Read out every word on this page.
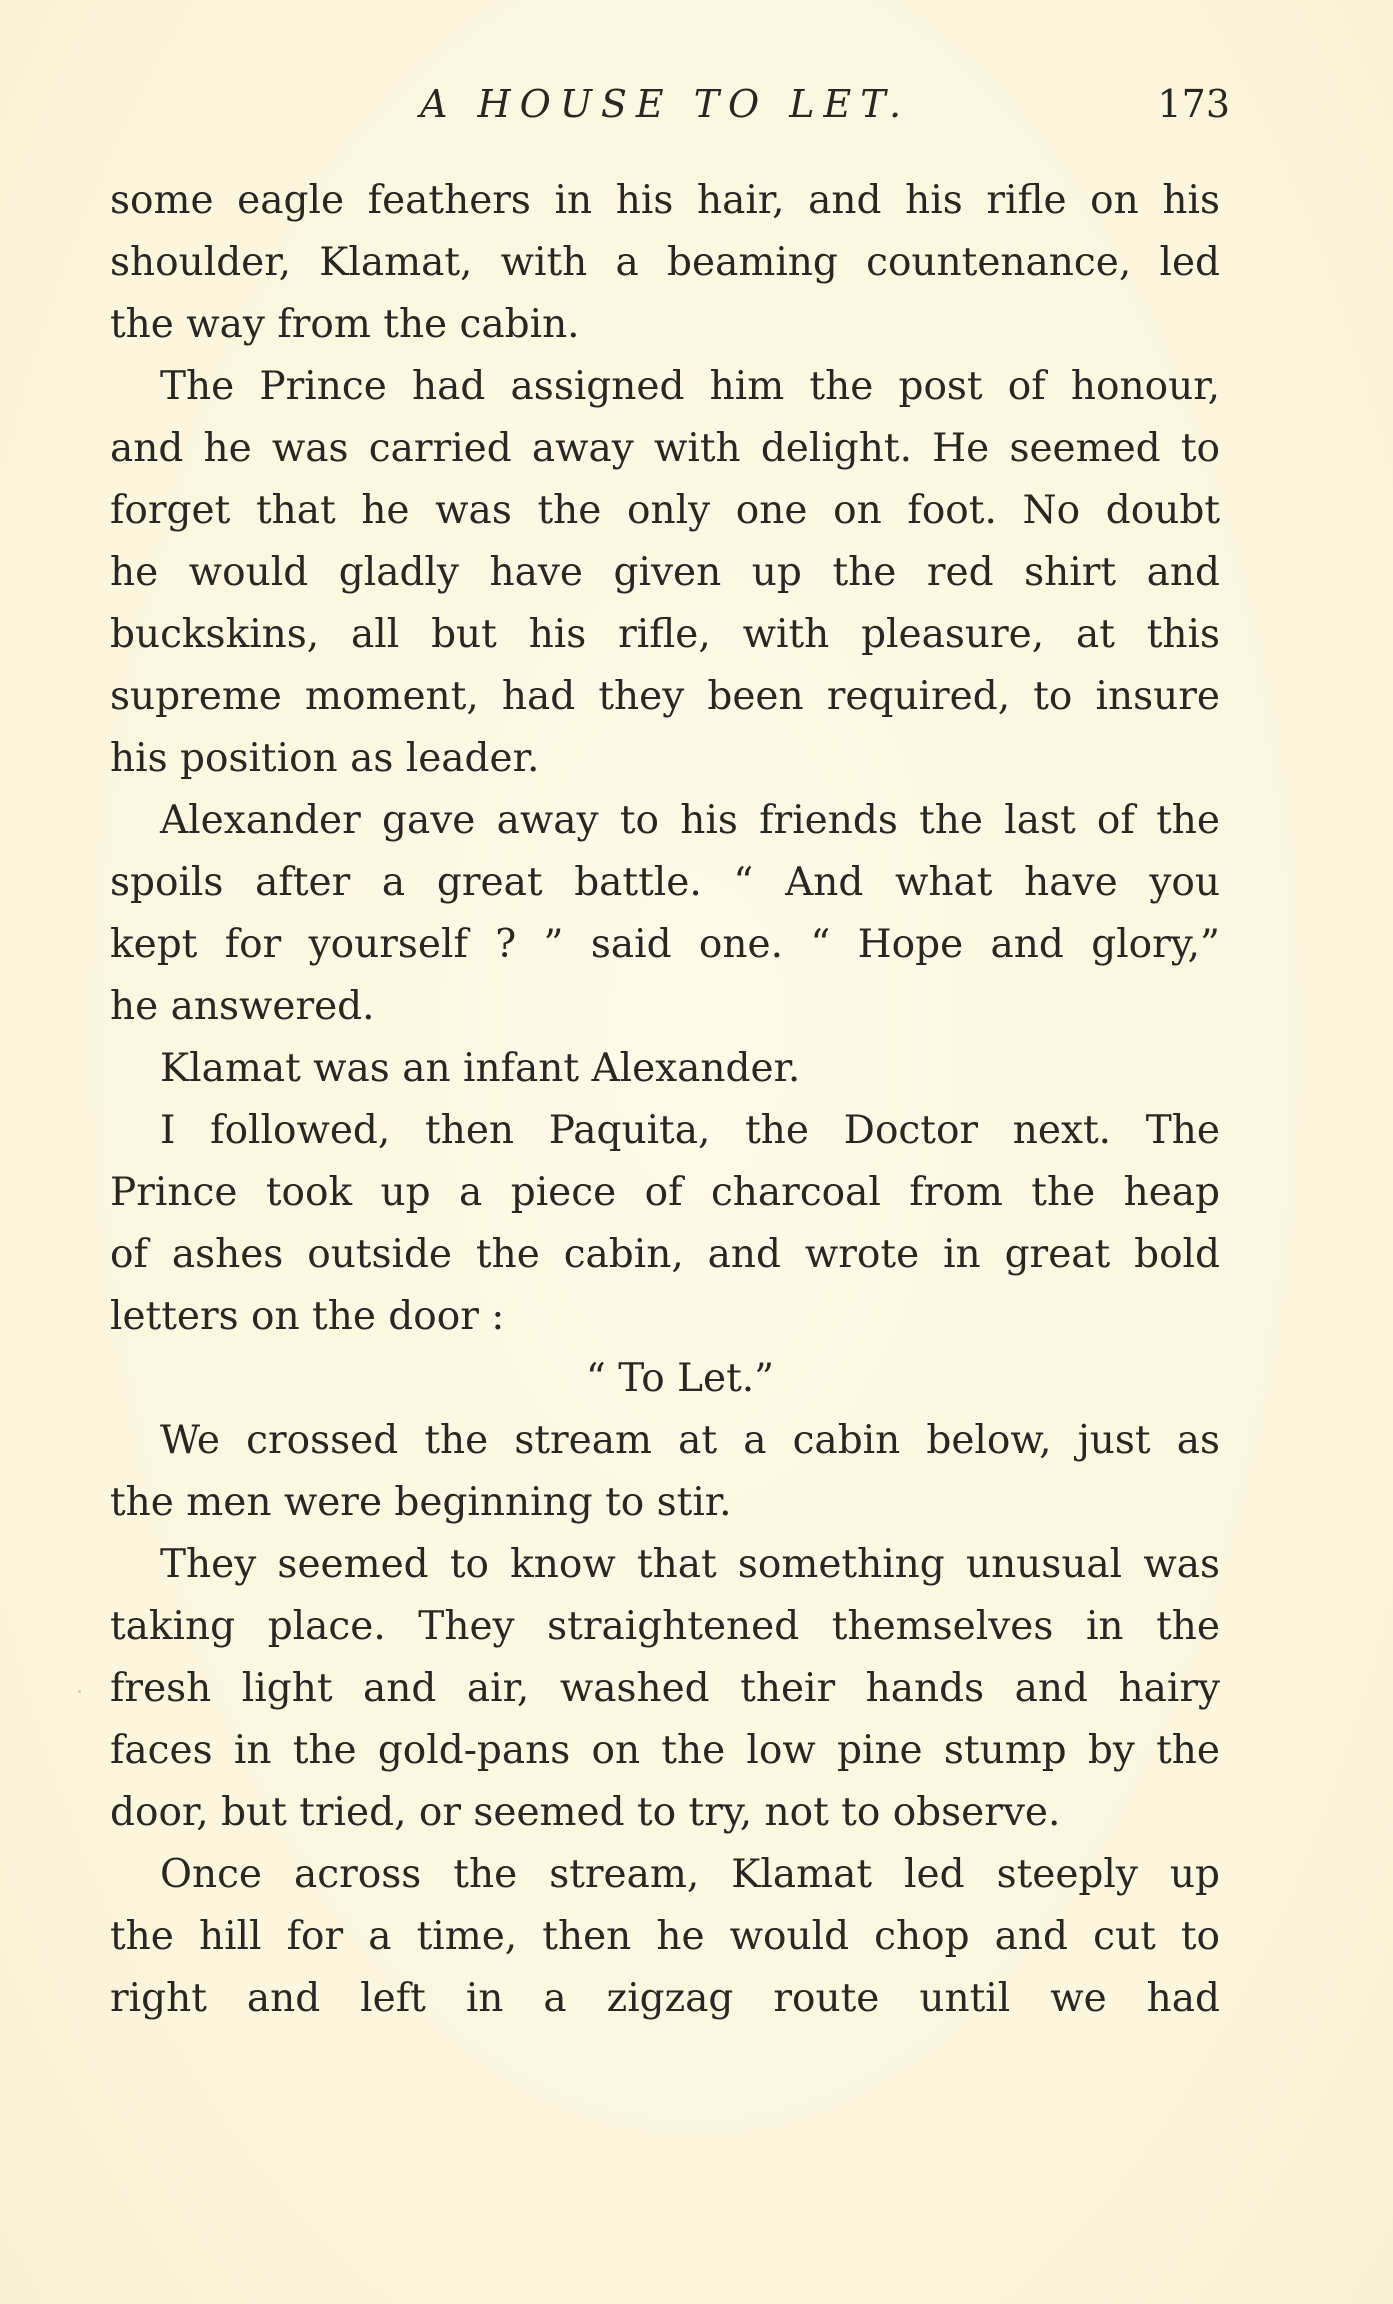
A HOUSE TO LET.	173
some eagle feathers in his hair, and his rifle on his
shoulder, Klamat, with a beaming countenance, led
the way from the cabin.
The Prince had assigned him the post of honour,
and he was carried away with delight. He seemed to
forget that he was the only one on foot. No doubt
he would gladly have given up the red shirt and
buckskins, all but his rifle, with pleasure, at this
supreme moment, had they been required, to insure
his position as leader.
Alexander gave away to his friends the last of the
spoils after a great battle. “ And what have you
kept for yourself ? ” said one. “ Hope and glory,”
he answered.
Klamat was an infant Alexander.
I followed, then Paquita, the Doctor next. The
Prince took up a piece of charcoal from the heap
of ashes outside the cabin, and wrote in great bold
letters on the door :
“ To Let.”
We crossed the stream at a cabin below, just as
the men were beginning to stir.
They seemed to know that something unusual was
taking place. They straightened themselves in the
fresh light and air, washed their hands and hairy
faces in the gold-pans on the low pine stump by the
door, but tried, or seemed to try, not to observe.
Once across the stream, Klamat led steeply up
the hill for a time, then he would chop and cut to
right and left in a zigzag route until we had
